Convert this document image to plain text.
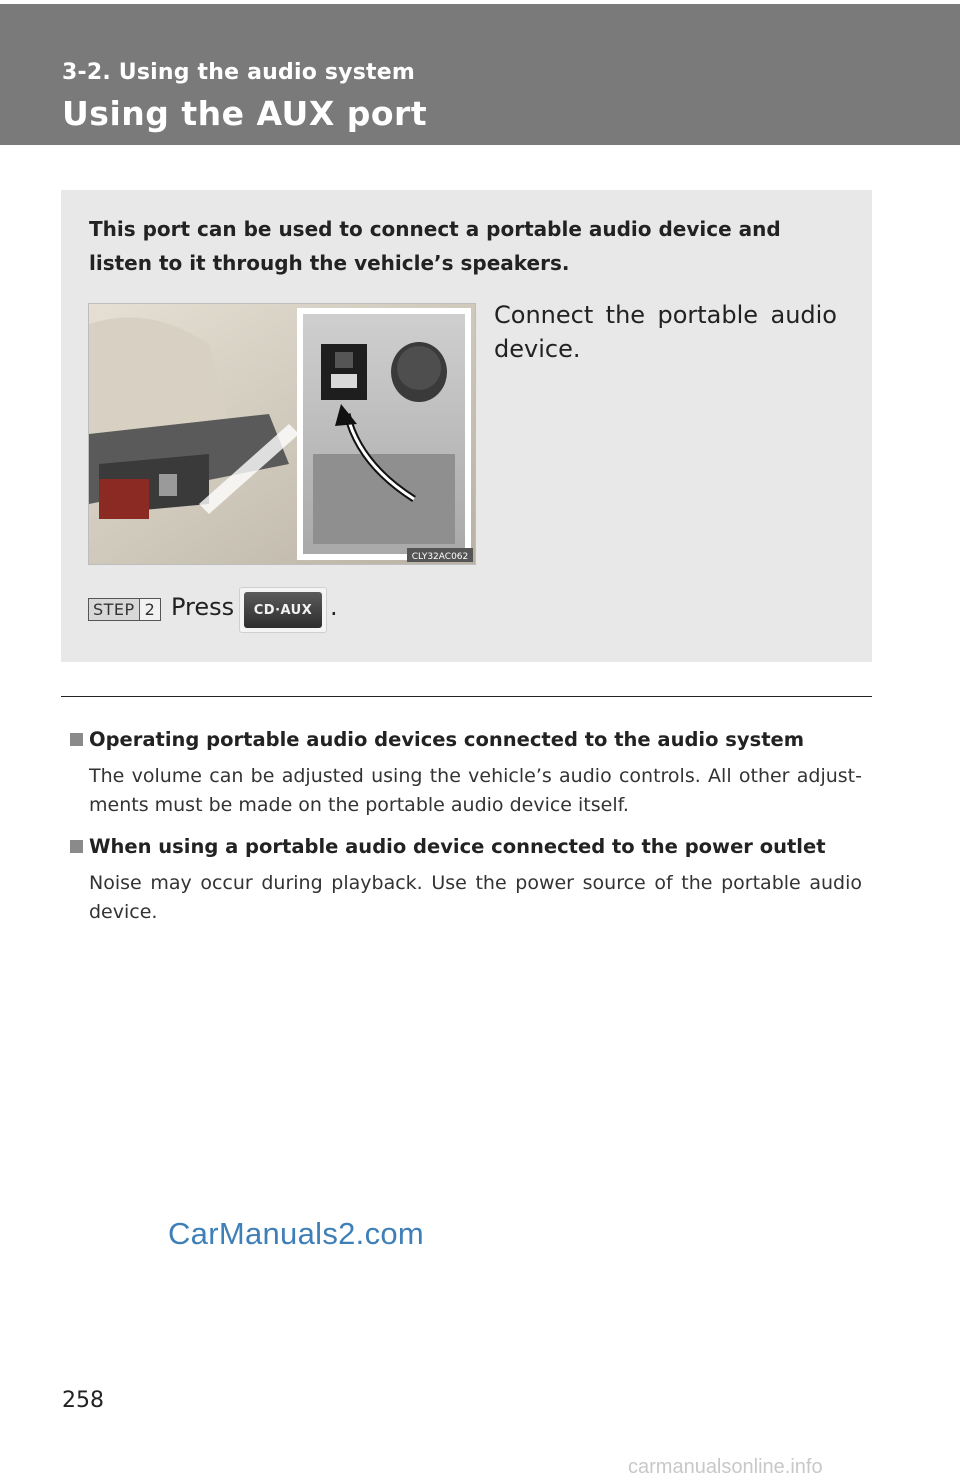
3-2. Using the audio system
Using the AUX port
This port can be used to connect a portable audio device and listen to it through the vehicle’s speakers.
CLY32AC062
Connect the portable audio device.
STEP 2 Press	CD·AUX .
Operating portable audio devices connected to the audio system
The volume can be adjusted using the vehicle’s audio controls. All other adjust-ments must be made on the portable audio device itself.
When using a portable audio device connected to the power outlet
Noise may occur during playback. Use the power source of the portable audio device.
CarManuals2.com
258
carmanualsonline.info
